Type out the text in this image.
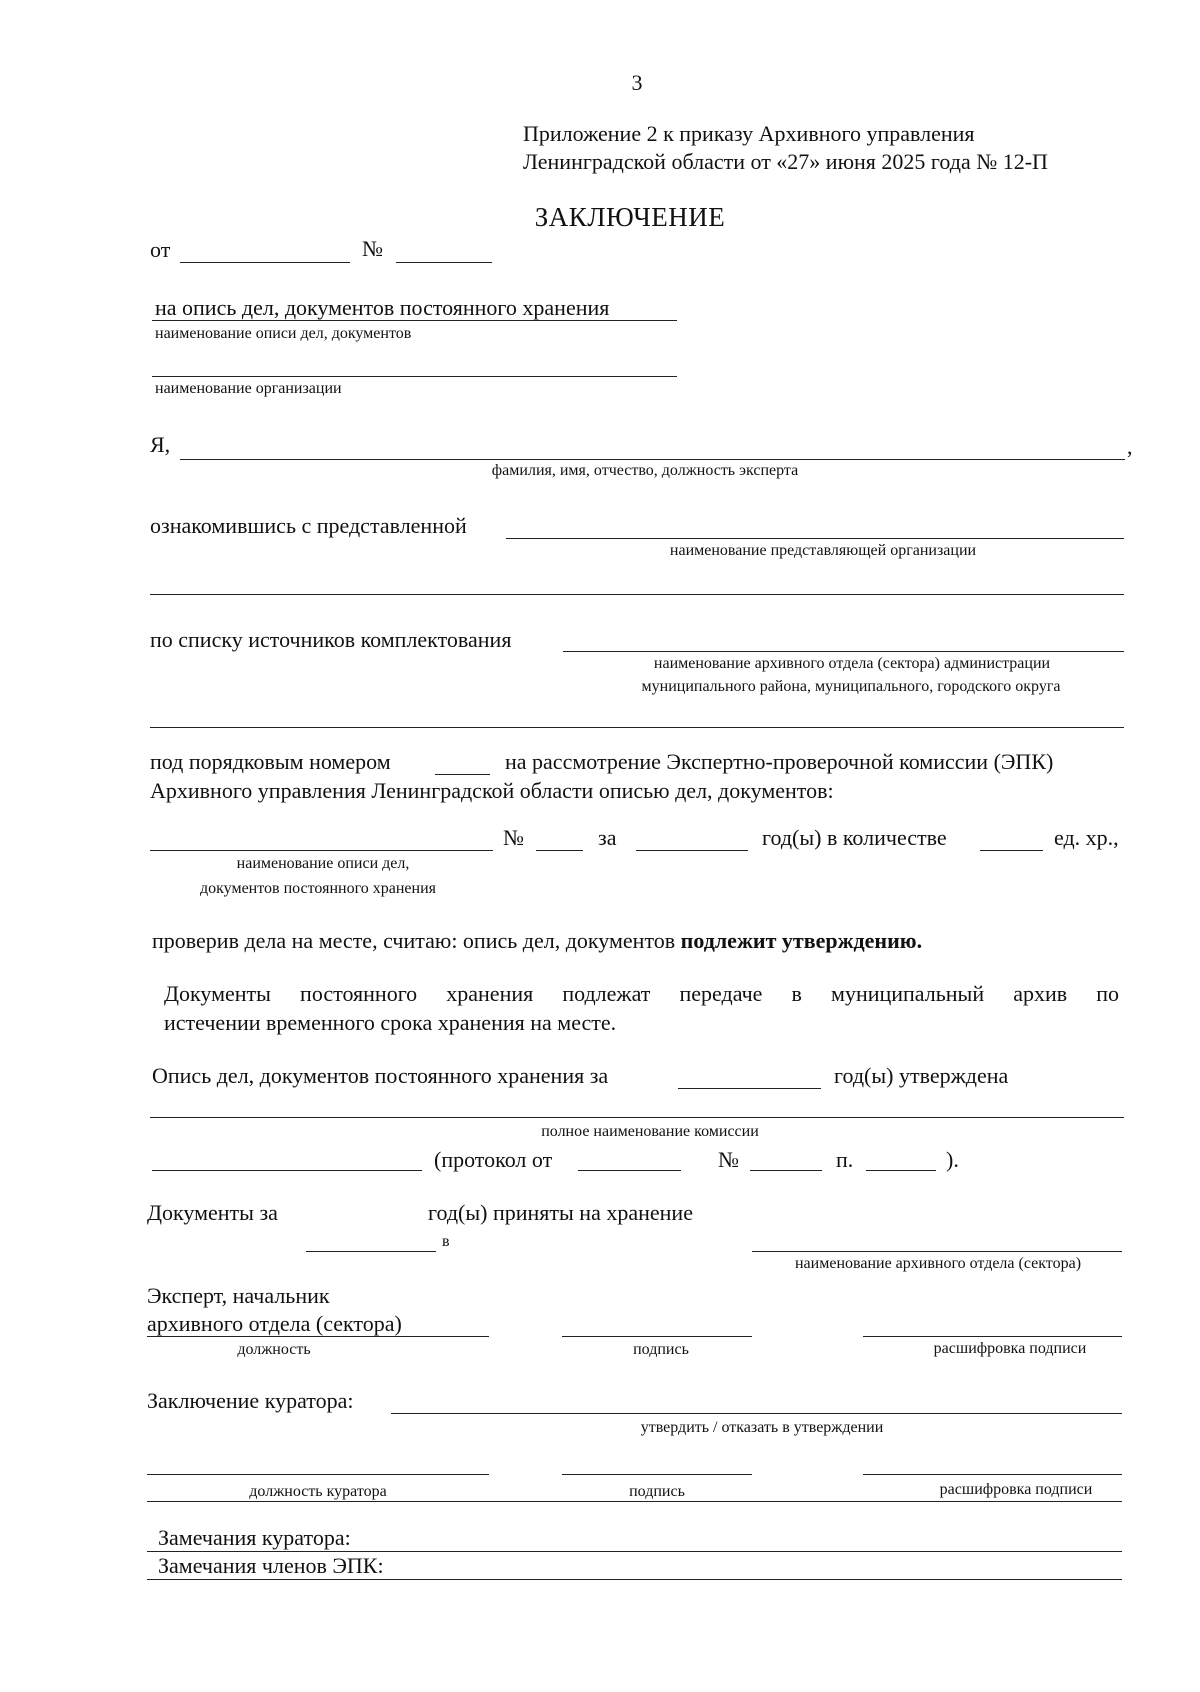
3
Приложение 2 к приказу Архивного управления
Ленинградской области от «27» июня 2025 года № 12-П
ЗАКЛЮЧЕНИЕ
от	№
на опись дел, документов постоянного хранения
наименование описи дел, документов
наименование организации
Я,	,
фамилия, имя, отчество, должность эксперта
ознакомившись с представленной
наименование представляющей организации
по списку источников комплектования
наименование архивного отдела (сектора) администрации
муниципального района, муниципального, городского округа
под порядковым номером	на рассмотрение Экспертно-проверочной комиссии (ЭПК)
Архивного управления Ленинградской области описью дел, документов:
№	за	год(ы) в количестве	ед. хр.,
наименование описи дел,
документов постоянного хранения
проверив дела на месте, считаю: опись дел, документов подлежит утверждению.
Документы постоянного хранения подлежат передаче в муниципальный архив по
истечении временного срока хранения на месте.
Опись дел, документов постоянного хранения за	год(ы) утверждена
полное наименование комиссии
(протокол от	№	п.	).
Документы за	год(ы) приняты на хранение
в
наименование архивного отдела (сектора)
Эксперт, начальник
архивного отдела (сектора)
должность	подпись	расшифровка подписи
Заключение куратора:
утвердить / отказать в утверждении
должность куратора	подпись	расшифровка подписи
Замечания куратора:
Замечания членов ЭПК:
